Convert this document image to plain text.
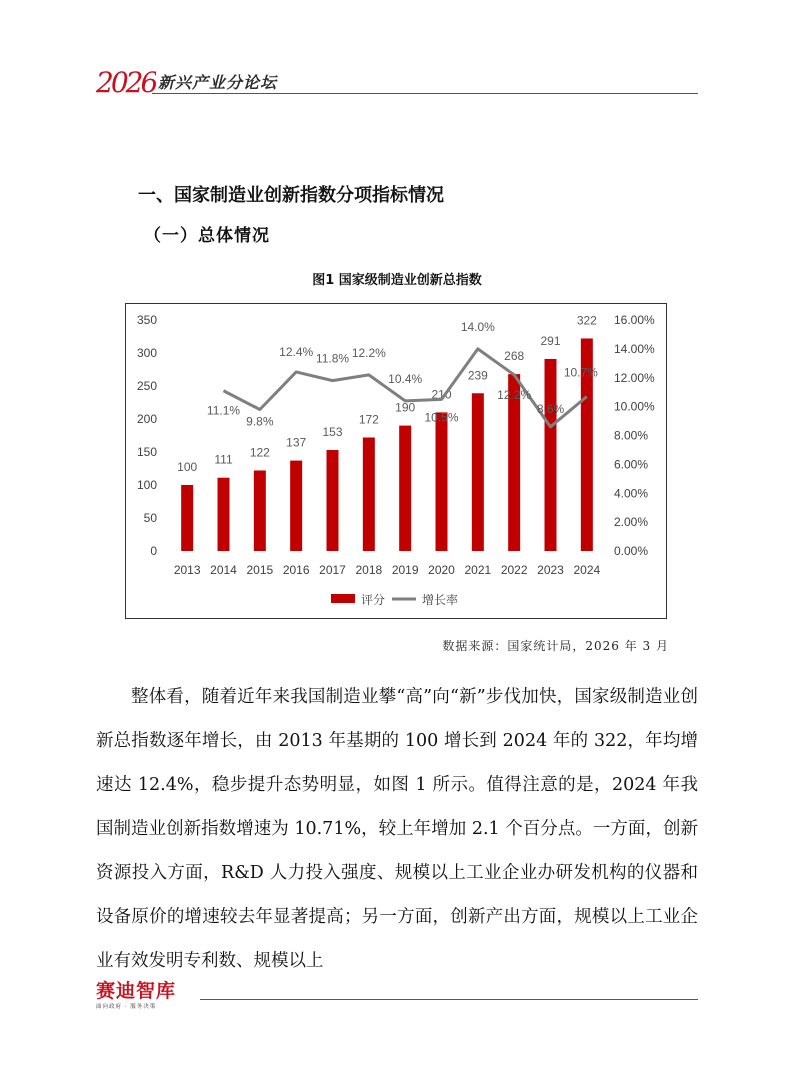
2026 新兴产业分论坛
一、国家制造业创新指数分项指标情况
（一）总体情况
图1 国家级制造业创新总指数
0
50
100
150
200
250
300
350
0.00%
2.00%
4.00%
6.00%
8.00%
10.00%
12.00%
14.00%
16.00%
100
111
122
137
153
172
190
210
239
268
291
322
2013 2014 2015 2016 2017 2018 2019 2020 2021 2022 2023 2024
11.1%
9.8%
12.4% 11.8% 12.2%
10.4%
10.5%
14.0%
12.2%
8.6%
10.7%
评分	增长率
数据来源：国家统计局，2026 年 3 月

整体看，随着近年来我国制造业攀“高”向“新”步伐加快，国家级制造业创新总指数逐年增长，由 2013 年基期的 100 增长到 2024 年的 322，年均增速达 12.4%，稳步提升态势明显，如图 1 所示。值得注意的是，2024 年我国制造业创新指数增速为 10.71%，较上年增加 2.1 个百分点。一方面，创新资源投入方面，R&D 人力投入强度、规模以上工业企业办研发机构的仪器和设备原价的增速较去年显著提高；另一方面，创新产出方面，规模以上工业企业有效发明专利数、规模以上

赛迪智库
面向政府 · 服务决策
